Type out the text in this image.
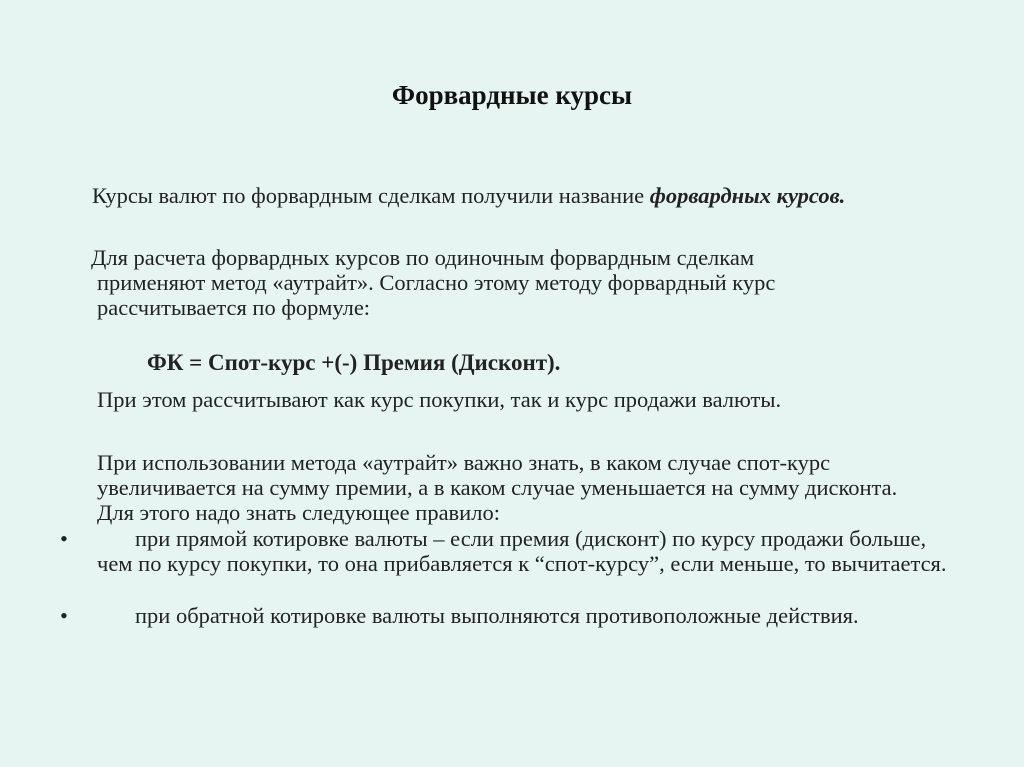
Форвардные курсы

Курсы валют по форвардным сделкам получили название форвардных курсов.

Для расчета форвардных курсов по одиночным форвардным сделкам
применяют метод «аутрайт». Согласно этому методу форвардный курс рассчитывается по формуле:

ФК = Спот-курс +(-) Премия (Дисконт).

При этом рассчитывают как курс покупки, так и курс продажи валюты.

При использовании метода «аутрайт» важно знать, в каком случае спот-курс увеличивается на сумму премии, а в каком случае уменьшается на сумму дисконта. Для этого надо знать следующее правило:

•	при прямой котировке валюты – если премия (дисконт) по курсу продажи больше, чем по курсу покупки, то она прибавляется к “спот-курсу”, если меньше, то вычитается.
•	при обратной котировке валюты выполняются противоположные действия.
